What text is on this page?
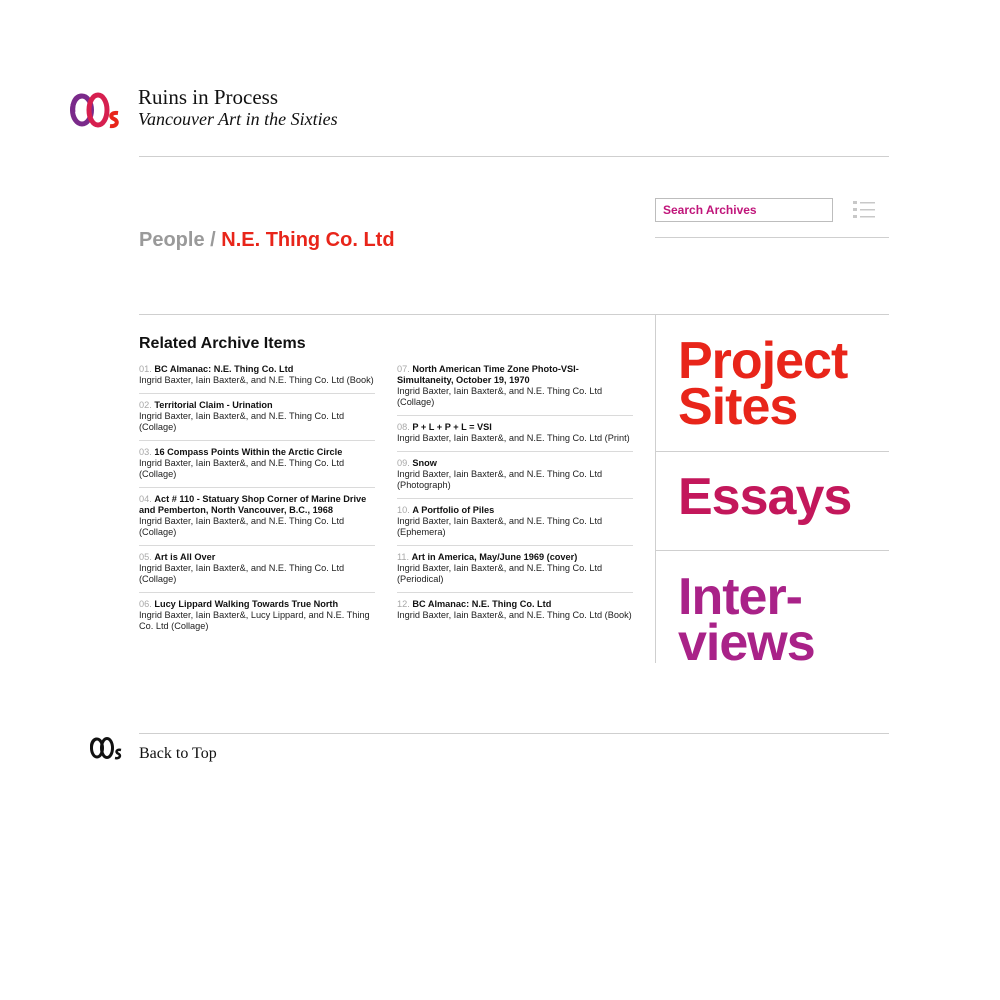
Ruins in Process
Vancouver Art in the Sixties
Search Archives
People / N.E. Thing Co. Ltd
Related Archive Items
01. BC Almanac: N.E. Thing Co. Ltd
Ingrid Baxter, Iain Baxter&, and N.E. Thing Co. Ltd (Book)
02. Territorial Claim - Urination
Ingrid Baxter, Iain Baxter&, and N.E. Thing Co. Ltd (Collage)
03. 16 Compass Points Within the Arctic Circle
Ingrid Baxter, Iain Baxter&, and N.E. Thing Co. Ltd (Collage)
04. Act # 110 - Statuary Shop Corner of Marine Drive and Pemberton, North Vancouver, B.C., 1968
Ingrid Baxter, Iain Baxter&, and N.E. Thing Co. Ltd (Collage)
05. Art is All Over
Ingrid Baxter, Iain Baxter&, and N.E. Thing Co. Ltd (Collage)
06. Lucy Lippard Walking Towards True North
Ingrid Baxter, Iain Baxter&, Lucy Lippard, and N.E. Thing Co. Ltd (Collage)
07. North American Time Zone Photo-VSI-Simultaneity, October 19, 1970
Ingrid Baxter, Iain Baxter&, and N.E. Thing Co. Ltd (Collage)
08. P + L + P + L = VSI
Ingrid Baxter, Iain Baxter&, and N.E. Thing Co. Ltd (Print)
09. Snow
Ingrid Baxter, Iain Baxter&, and N.E. Thing Co. Ltd (Photograph)
10. A Portfolio of Piles
Ingrid Baxter, Iain Baxter&, and N.E. Thing Co. Ltd (Ephemera)
11. Art in America, May/June 1969 (cover)
Ingrid Baxter, Iain Baxter&, and N.E. Thing Co. Ltd (Periodical)
12. BC Almanac: N.E. Thing Co. Ltd
Ingrid Baxter, Iain Baxter&, and N.E. Thing Co. Ltd (Book)
Project
Sites
Essays
Inter-
views
Back to Top
